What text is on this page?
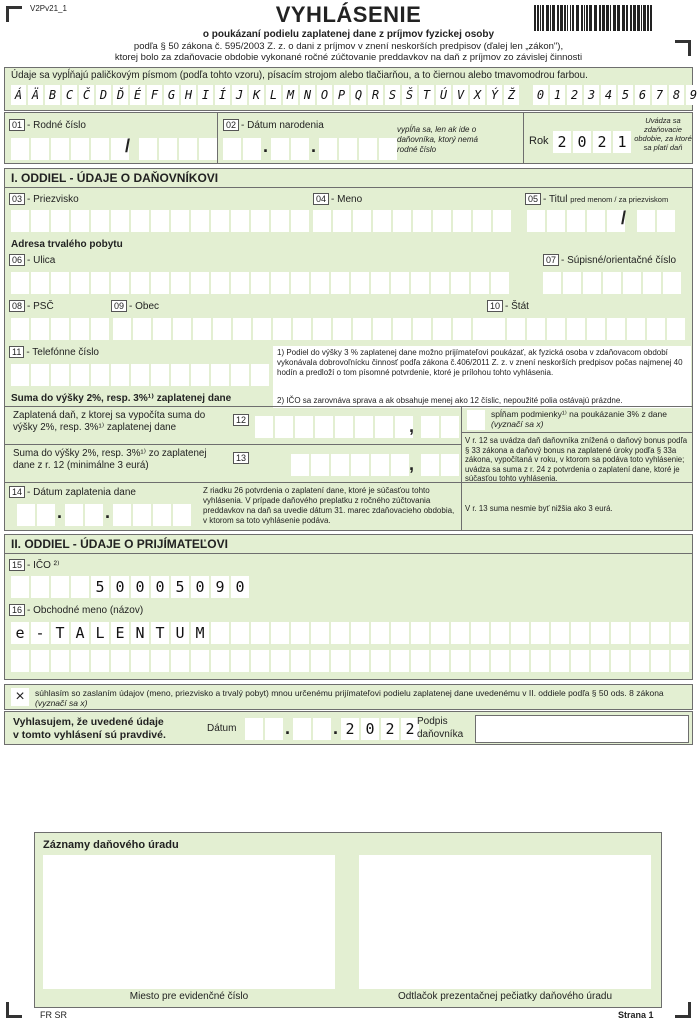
V2Pv21_1	VYHLÁSENIE
o poukázaní podielu zaplatenej dane z príjmov fyzickej osoby
podľa § 50 zákona č. 595/2003 Z. z. o dani z príjmov v znení neskorších predpisov (ďalej len „zákon"),
ktorej bolo za zdaňovacie obdobie vykonané ročné zúčtovanie preddavkov na daň z príjmov zo závislej činnosti
Údaje sa vypĺňajú paličkovým písmom (podľa tohto vzoru), písacím strojom alebo tlačiarňou, a to čiernou alebo tmavomodrou farbou.
Á Ä B C Č D Ď É F G H I Í J K L M N O P Q R S Š T Ú V X Ý Ž	0 1 2 3 4 5 6 7 8 9
01 - Rodné číslo
/
02 - Dátum narodenia
. .
vypĺňa sa, len ak ide o daňovníka, ktorý nemá rodné číslo
Rok 2 0 2 1
Uvádza sa zdaňovacie obdobie, za ktoré sa platí daň
I. ODDIEL - ÚDAJE O DAŇOVNÍKOVI
03 - Priezvisko	04 - Meno	05 - Titul pred menom / za priezviskom
/
Adresa trvalého pobytu
06 - Ulica	07 - Súpisné/orientačné číslo
08 - PSČ	09 - Obec	10 - Štát
11 - Telefónne číslo	1) Podiel do výšky 3 % zaplatenej dane možno prijímateľovi poukázať, ak fyzická osoba v zdaňovacom období vykonávala dobrovoľnícku činnosť podľa zákona č.406/2011 Z. z. v znení neskorších predpisov počas najmenej 40 hodín a predloží o tom písomné potvrdenie, ktoré je prílohou tohto vyhlásenia.
2) IČO sa zarovnáva sprava a ak obsahuje menej ako 12 číslic, nepoužité polia ostávajú prázdne.
Suma do výšky 2%, resp. 3%¹⁾ zaplatenej dane
Zaplatená daň, z ktorej sa vypočíta suma do výšky 2%, resp. 3%¹⁾ zaplatenej dane
12	,
Suma do výšky 2%, resp. 3%¹⁾ zo zaplatenej dane z r. 12 (minimálne 3 eurá)
13	,
spĺňam podmienky¹⁾ na poukázanie 3% z dane (vyznačí sa x)
V r. 12 sa uvádza daň daňovníka znížená o daňový bonus podľa § 33 zákona a daňový bonus na zaplatené úroky podľa § 33a zákona, vypočítaná v roku, v ktorom sa podáva toto vyhlásenie; uvádza sa suma z r. 24 z potvrdenia o zaplatení dane, ktoré je súčasťou tohto vyhlásenia.
V r. 13 suma nesmie byť nižšia ako 3 eurá.
14 - Dátum zaplatenia dane
. .
Z riadku 26 potvrdenia o zaplatení dane, ktoré je súčasťou tohto vyhlásenia. V prípade daňového preplatku z ročného zúčtovania preddavkov na daň sa uvedie dátum 31. marec zdaňovacieho obdobia, v ktorom sa toto vyhlásenie podáva.
II. ODDIEL - ÚDAJE O PRIJÍMATEĽOVI
15 - IČO ²⁾
5 0 0 0 5 0 9 0
16 - Obchodné meno (názov)
e - T A L E N T U M
×	súhlasím so zaslaním údajov (meno, priezvisko a trvalý pobyt) mnou určenému prijímateľovi podielu zaplatenej dane uvedenému v II. oddiele podľa § 50 ods. 8 zákona (vyznačí sa x)
Vyhlasujem, že uvedené údaje
v tomto vyhlásení sú pravdivé.
Dátum	. . 2 0 2 2 Podpis
daňovníka
Záznamy daňového úradu
Miesto pre evidenčné číslo	Odtlačok prezentačnej pečiatky daňového úradu
FR SR	Strana 1
